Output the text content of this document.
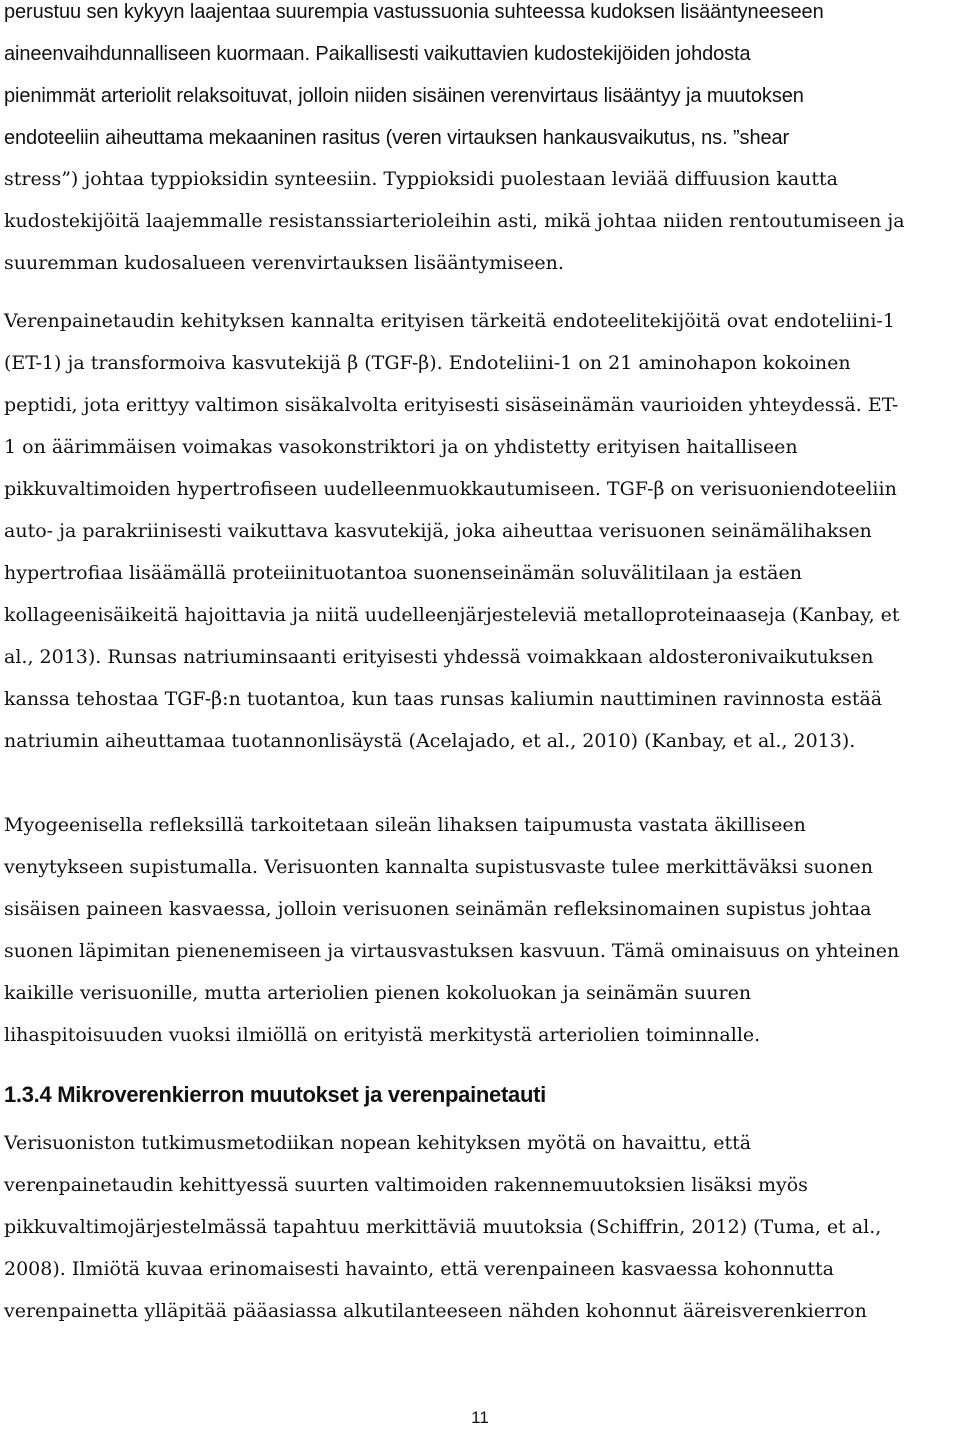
perustuu sen kykyyn laajentaa suurempia vastussuonia suhteessa kudoksen lisääntyneeseen
aineenvaihdunnalliseen kuormaan. Paikallisesti vaikuttavien kudostekijöiden johdosta
pienimmät arteriolit relaksoituvat, jolloin niiden sisäinen verenvirtaus lisääntyy ja muutoksen
endoteeliin aiheuttama mekaaninen rasitus (veren virtauksen hankausvaikutus, ns. ”shear
stress”) johtaa typpioksidin synteesiin. Typpioksidi puolestaan leviää diffuusion kautta
kudostekijöitä laajemmalle resistanssiarterioleihin asti, mikä johtaa niiden rentoutumiseen ja
suuremman kudosalueen verenvirtauksen lisääntymiseen.
Verenpainetaudin kehityksen kannalta erityisen tärkeitä endoteelitekijöitä ovat endoteliini-1
(ET-1) ja transformoiva kasvutekijä β (TGF-β). Endoteliini-1 on 21 aminohapon kokoinen
peptidi, jota erittyy valtimon sisäkalvolta erityisesti sisäseinämän vaurioiden yhteydessä. ET-
1 on äärimmäisen voimakas vasokonstriktori ja on yhdistetty erityisen haitalliseen
pikkuvaltimoiden hypertrofiseen uudelleenmuokkautumiseen. TGF-β on verisuoniendoteeliin
auto- ja parakriinisesti vaikuttava kasvutekijä, joka aiheuttaa verisuonen seinämälihaksen
hypertrofiaa lisäämällä proteiinituotantoa suonenseinämän soluvälitilaan ja estäen
kollageenisäikeitä hajoittavia ja niitä uudelleenjärjesteleviä metalloproteinaaseja (Kanbay, et
al., 2013). Runsas natriuminsaanti erityisesti yhdessä voimakkaan aldosteronivaikutuksen
kanssa tehostaa TGF-β:n tuotantoa, kun taas runsas kaliumin nauttiminen ravinnosta estää
natriumin aiheuttamaa tuotannonlisäystä (Acelajado, et al., 2010) (Kanbay, et al., 2013).
Myogeenisella refleksillä tarkoitetaan sileän lihaksen taipumusta vastata äkilliseen
venytykseen supistumalla. Verisuonten kannalta supistusvaste tulee merkittäväksi suonen
sisäisen paineen kasvaessa, jolloin verisuonen seinämän refleksinomainen supistus johtaa
suonen läpimitan pienenemiseen ja virtausvastuksen kasvuun. Tämä ominaisuus on yhteinen
kaikille verisuonille, mutta arteriolien pienen kokoluokan ja seinämän suuren
lihaspitoisuuden vuoksi ilmiöllä on erityistä merkitystä arteriolien toiminnalle.
1.3.4 Mikroverenkierron muutokset ja verenpainetauti
Verisuoniston tutkimusmetodiikan nopean kehityksen myötä on havaittu, että
verenpainetaudin kehittyessä suurten valtimoiden rakennemuutoksien lisäksi myös
pikkuvaltimojärjestelmässä tapahtuu merkittäviä muutoksia (Schiffrin, 2012) (Tuma, et al.,
2008). Ilmiötä kuvaa erinomaisesti havainto, että verenpaineen kasvaessa kohonnutta
verenpainetta ylläpitää pääasiassa alkutilanteeseen nähden kohonnut ääreisverenkierron
11
